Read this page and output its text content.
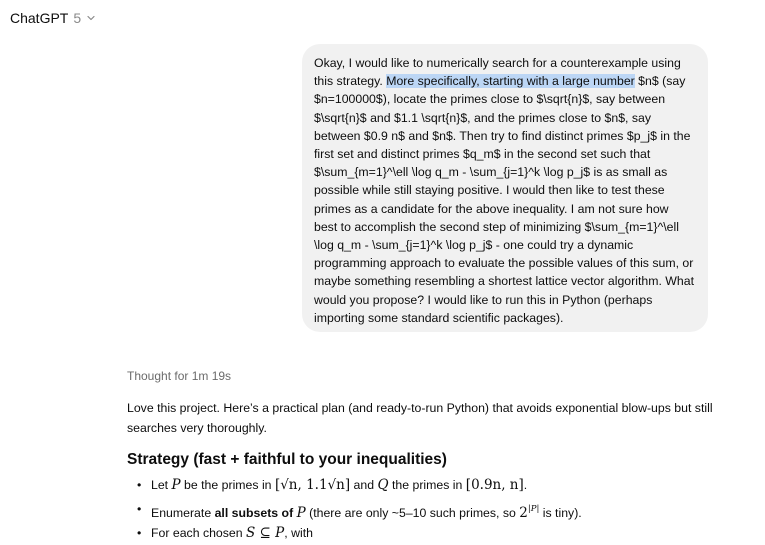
ChatGPT 5
Okay, I would like to numerically search for a counterexample using this strategy. More specifically, starting with a large number $n$ (say $n=100000$), locate the primes close to $\sqrt{n}$, say between $\sqrt{n}$ and $1.1 \sqrt{n}$, and the primes close to $n$, say between $0.9 n$ and $n$. Then try to find distinct primes $p_j$ in the first set and distinct primes $q_m$ in the second set such that $\sum_{m=1}^\ell \log q_m - \sum_{j=1}^k \log p_j$ is as small as possible while still staying positive. I would then like to test these primes as a candidate for the above inequality. I am not sure how best to accomplish the second step of minimizing $\sum_{m=1}^\ell \log q_m - \sum_{j=1}^k \log p_j$ - one could try a dynamic programming approach to evaluate the possible values of this sum, or maybe something resembling a shortest lattice vector algorithm. What would you propose? I would like to run this in Python (perhaps importing some standard scientific packages).
Thought for 1m 19s
Love this project. Here’s a practical plan (and ready-to-run Python) that avoids exponential blow-ups but still searches very thoroughly.
Strategy (fast + faithful to your inequalities)
• Let P be the primes in [√n, 1.1√n] and Q the primes in [0.9n, n].
• Enumerate all subsets of P (there are only ~5–10 such primes, so $2^{|P|}$ is tiny).
• For each chosen S ⊆ P, with
